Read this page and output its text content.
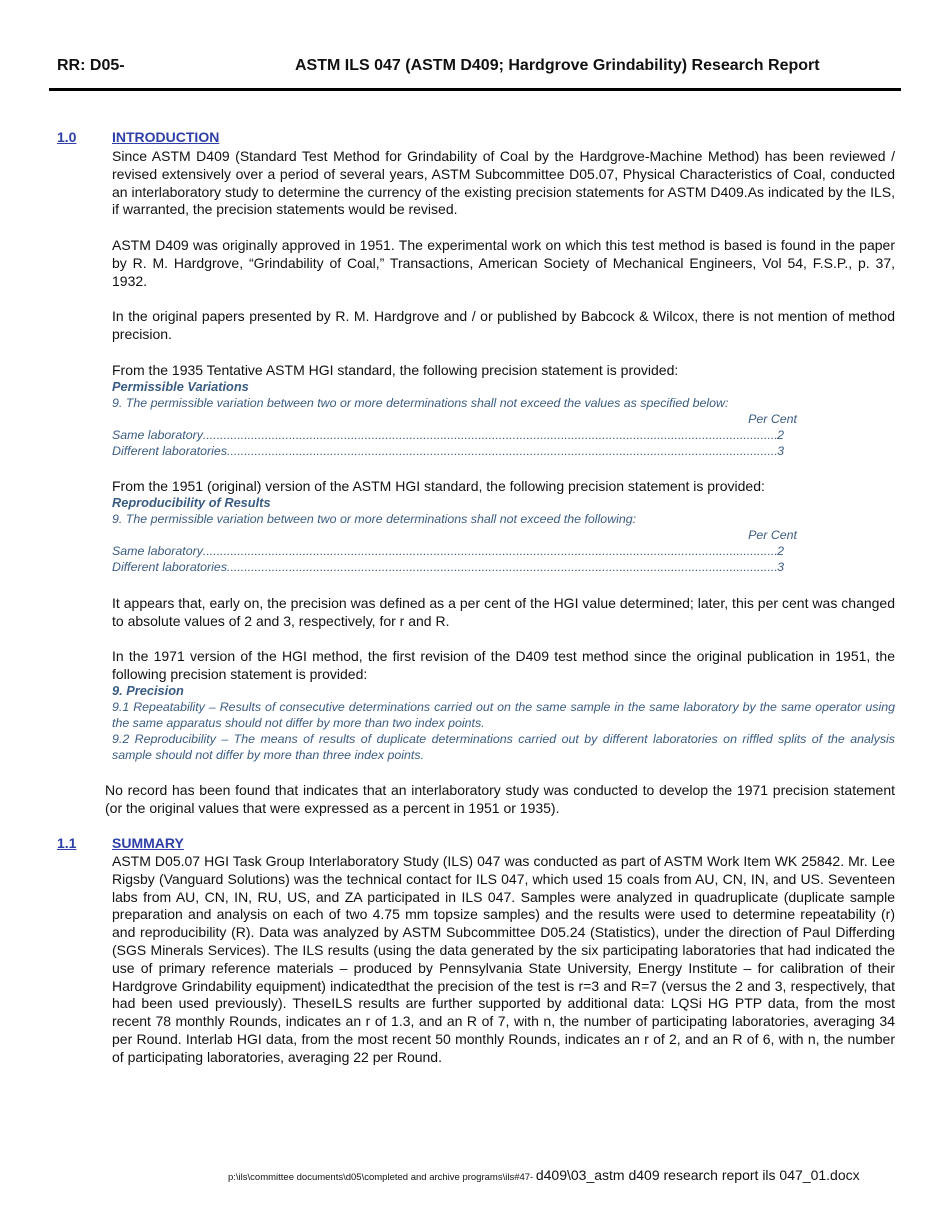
RR: D05-	ASTM ILS 047 (ASTM D409; Hardgrove Grindability) Research Report
1.0	INTRODUCTION

Since ASTM D409 (Standard Test Method for Grindability of Coal by the Hardgrove-Machine Method) has been reviewed / revised extensively over a period of several years, ASTM Subcommittee D05.07, Physical Characteristics of Coal, conducted an interlaboratory study to determine the currency of the existing precision statements for ASTM D409.As indicated by the ILS, if warranted, the precision statements would be revised.

ASTM D409 was originally approved in 1951. The experimental work on which this test method is based is found in the paper by R. M. Hardgrove, “Grindability of Coal,” Transactions, American Society of Mechanical Engineers, Vol 54, F.S.P., p. 37, 1932.

In the original papers presented by R. M. Hardgrove and / or published by Babcock & Wilcox, there is not mention of method precision.

From the 1935 Tentative ASTM HGI standard, the following precision statement is provided:

Permissible Variations
9. The permissible variation between two or more determinations shall not exceed the values as specified below:
Per Cent
Same laboratory .....	2
Different laboratories .....	3

From the 1951 (original) version of the ASTM HGI standard, the following precision statement is provided:

Reproducibility of Results
9. The permissible variation between two or more determinations shall not exceed the following:
Per Cent
Same laboratory .....	2
Different laboratories .....	3

It appears that, early on, the precision was defined as a per cent of the HGI value determined; later, this per cent was changed to absolute values of 2 and 3, respectively, for r and R.

In the 1971 version of the HGI method, the first revision of the D409 test method since the original publication in 1951, the following precision statement is provided:

9. Precision
9.1 Repeatability – Results of consecutive determinations carried out on the same sample in the same laboratory by the same operator using the same apparatus should not differ by more than two index points.
9.2 Reproducibility – The means of results of duplicate determinations carried out by different laboratories on riffled splits of the analysis sample should not differ by more than three index points.

No record has been found that indicates that an interlaboratory study was conducted to develop the 1971 precision statement (or the original values that were expressed as a percent in 1951 or 1935).

1.1	SUMMARY

ASTM D05.07 HGI Task Group Interlaboratory Study (ILS) 047 was conducted as part of ASTM Work Item WK 25842. Mr. Lee Rigsby (Vanguard Solutions) was the technical contact for ILS 047, which used 15 coals from AU, CN, IN, and US. Seventeen labs from AU, CN, IN, RU, US, and ZA participated in ILS 047. Samples were analyzed in quadruplicate (duplicate sample preparation and analysis on each of two 4.75 mm topsize samples) and the results were used to determine repeatability (r) and reproducibility (R). Data was analyzed by ASTM Subcommittee D05.24 (Statistics), under the direction of Paul Differding (SGS Minerals Services). The ILS results (using the data generated by the six participating laboratories that had indicated the use of primary reference materials – produced by Pennsylvania State University, Energy Institute – for calibration of their Hardgrove Grindability equipment) indicatedthat the precision of the test is r=3 and R=7 (versus the 2 and 3, respectively, that had been used previously). TheseILS results are further supported by additional data: LQSi HG PTP data, from the most recent 78 monthly Rounds, indicates an r of 1.3, and an R of 7, with n, the number of participating laboratories, averaging 34 per Round. Interlab HGI data, from the most recent 50 monthly Rounds, indicates an r of 2, and an R of 6, with n, the number of participating laboratories, averaging 22 per Round.

p:\ils\committee documents\d05\completed and archive programs\ils#47- d409\03_astm d409 research report ils 047_01.docx
